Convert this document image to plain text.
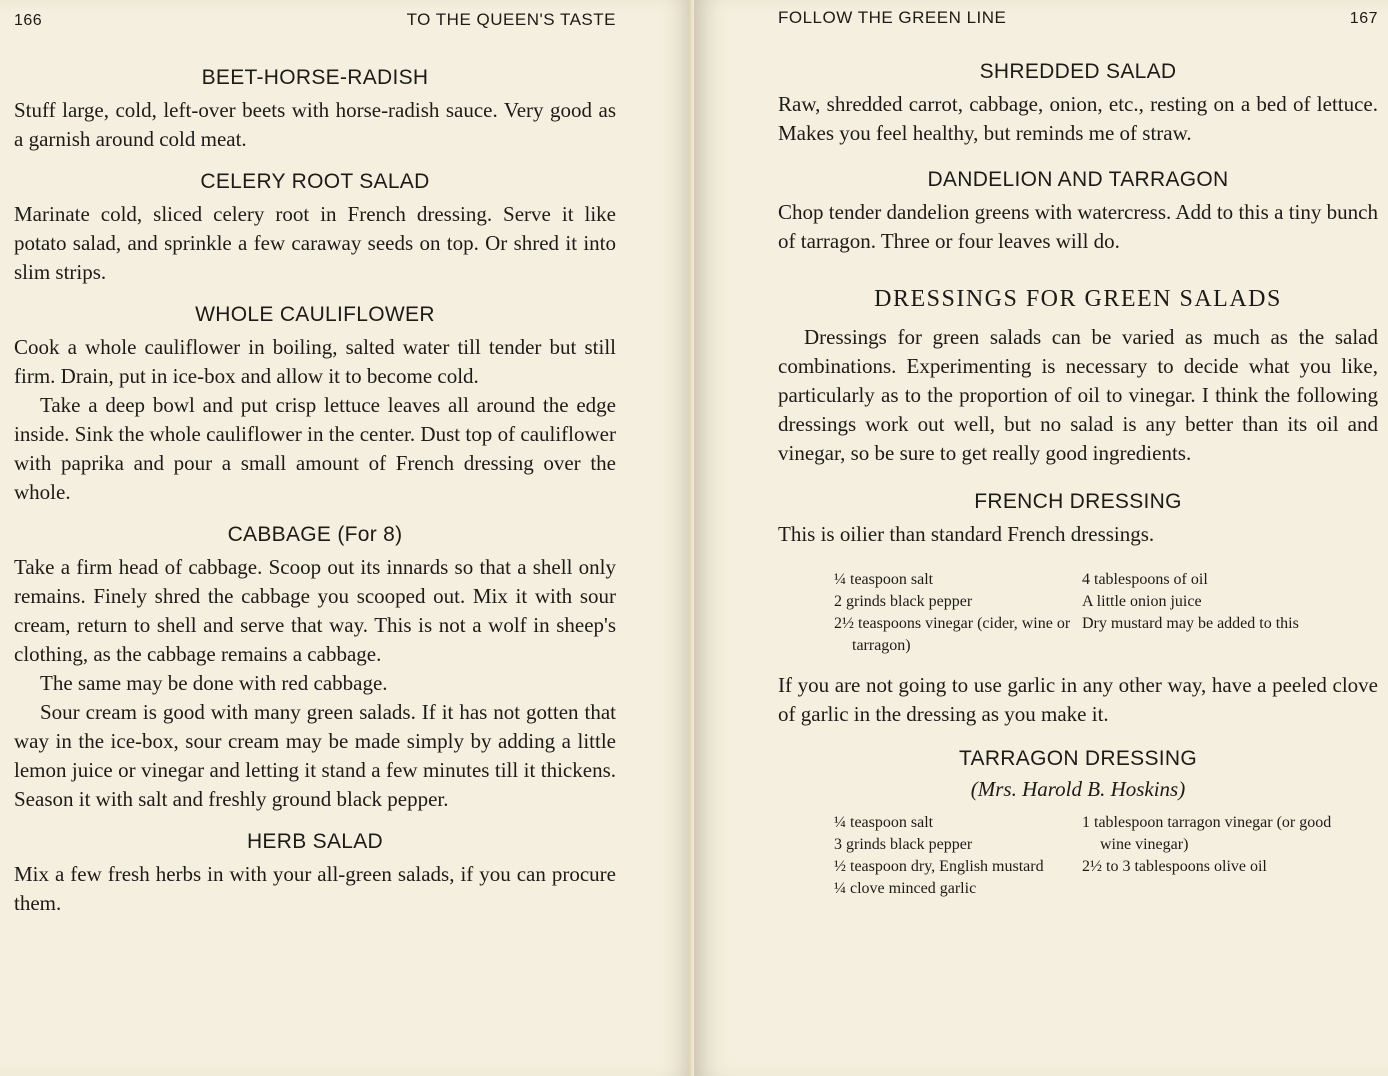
166	TO THE QUEEN'S TASTE
BEET-HORSE-RADISH

Stuff large, cold, left-over beets with horse-radish sauce. Very good as a garnish around cold meat.

CELERY ROOT SALAD

Marinate cold, sliced celery root in French dressing. Serve it like potato salad, and sprinkle a few caraway seeds on top. Or shred it into slim strips.

WHOLE CAULIFLOWER

Cook a whole cauliflower in boiling, salted water till tender but still firm. Drain, put in ice-box and allow it to become cold.

Take a deep bowl and put crisp lettuce leaves all around the edge inside. Sink the whole cauliflower in the center. Dust top of cauliflower with paprika and pour a small amount of French dressing over the whole.

CABBAGE (For 8)

Take a firm head of cabbage. Scoop out its innards so that a shell only remains. Finely shred the cabbage you scooped out. Mix it with sour cream, return to shell and serve that way. This is not a wolf in sheep's clothing, as the cabbage remains a cabbage.

The same may be done with red cabbage.

Sour cream is good with many green salads. If it has not gotten that way in the ice-box, sour cream may be made simply by adding a little lemon juice or vinegar and letting it stand a few minutes till it thickens. Season it with salt and freshly ground black pepper.

HERB SALAD

Mix a few fresh herbs in with your all-green salads, if you can procure them.

FOLLOW THE GREEN LINE	167
SHREDDED SALAD

Raw, shredded carrot, cabbage, onion, etc., resting on a bed of lettuce. Makes you feel healthy, but reminds me of straw.

DANDELION AND TARRAGON

Chop tender dandelion greens with watercress. Add to this a tiny bunch of tarragon. Three or four leaves will do.

DRESSINGS FOR GREEN SALADS

Dressings for green salads can be varied as much as the salad combinations. Experimenting is necessary to decide what you like, particularly as to the proportion of oil to vinegar. I think the following dressings work out well, but no salad is any better than its oil and vinegar, so be sure to get really good ingredients.

FRENCH DRESSING

This is oilier than standard French dressings.

¼ teaspoon salt
2 grinds black pepper
2½ teaspoons vinegar (cider, wine or tarragon)
4 tablespoons of oil
A little onion juice
Dry mustard may be added to this

If you are not going to use garlic in any other way, have a peeled clove of garlic in the dressing as you make it.

TARRAGON DRESSING
(Mrs. Harold B. Hoskins)
¼ teaspoon salt
3 grinds black pepper
½ teaspoon dry, English mustard
¼ clove minced garlic
1 tablespoon tarragon vinegar (or good wine vinegar)
2½ to 3 tablespoons olive oil
